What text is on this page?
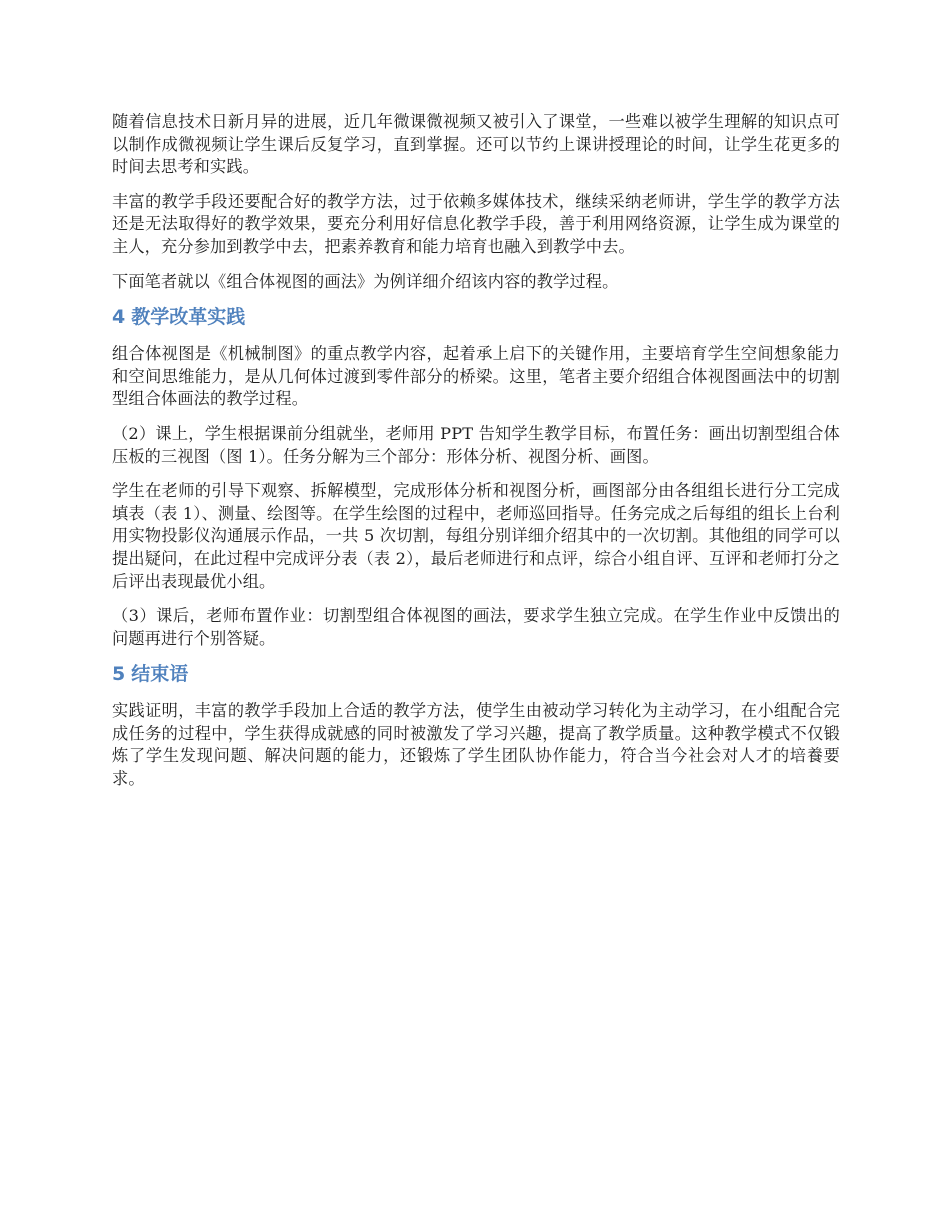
随着信息技术日新月异的进展，近几年微课微视频又被引入了课堂，一些难以被学生理解的知识点可以制作成微视频让学生课后反复学习，直到掌握。还可以节约上课讲授理论的时间，让学生花更多的时间去思考和实践。

丰富的教学手段还要配合好的教学方法，过于依赖多媒体技术，继续采纳老师讲，学生学的教学方法还是无法取得好的教学效果，要充分利用好信息化教学手段，善于利用网络资源，让学生成为课堂的主人，充分参加到教学中去，把素养教育和能力培育也融入到教学中去。

下面笔者就以《组合体视图的画法》为例详细介绍该内容的教学过程。

4 教学改革实践

组合体视图是《机械制图》的重点教学内容，起着承上启下的关键作用，主要培育学生空间想象能力和空间思维能力，是从几何体过渡到零件部分的桥梁。这里，笔者主要介绍组合体视图画法中的切割型组合体画法的教学过程。

（2）课上，学生根据课前分组就坐，老师用 PPT 告知学生教学目标，布置任务：画出切割型组合体压板的三视图（图 1）。任务分解为三个部分：形体分析、视图分析、画图。

学生在老师的引导下观察、拆解模型，完成形体分析和视图分析，画图部分由各组组长进行分工完成填表（表 1）、测量、绘图等。在学生绘图的过程中，老师巡回指导。任务完成之后每组的组长上台利用实物投影仪沟通展示作品，一共 5 次切割，每组分别详细介绍其中的一次切割。其他组的同学可以提出疑问，在此过程中完成评分表（表 2），最后老师进行和点评，综合小组自评、互评和老师打分之后评出表现最优小组。

（3）课后，老师布置作业：切割型组合体视图的画法，要求学生独立完成。在学生作业中反馈出的问题再进行个别答疑。

5 结束语

实践证明，丰富的教学手段加上合适的教学方法，使学生由被动学习转化为主动学习，在小组配合完成任务的过程中，学生获得成就感的同时被激发了学习兴趣，提高了教学质量。这种教学模式不仅锻炼了学生发现问题、解决问题的能力，还锻炼了学生团队协作能力，符合当今社会对人才的培養要求。
